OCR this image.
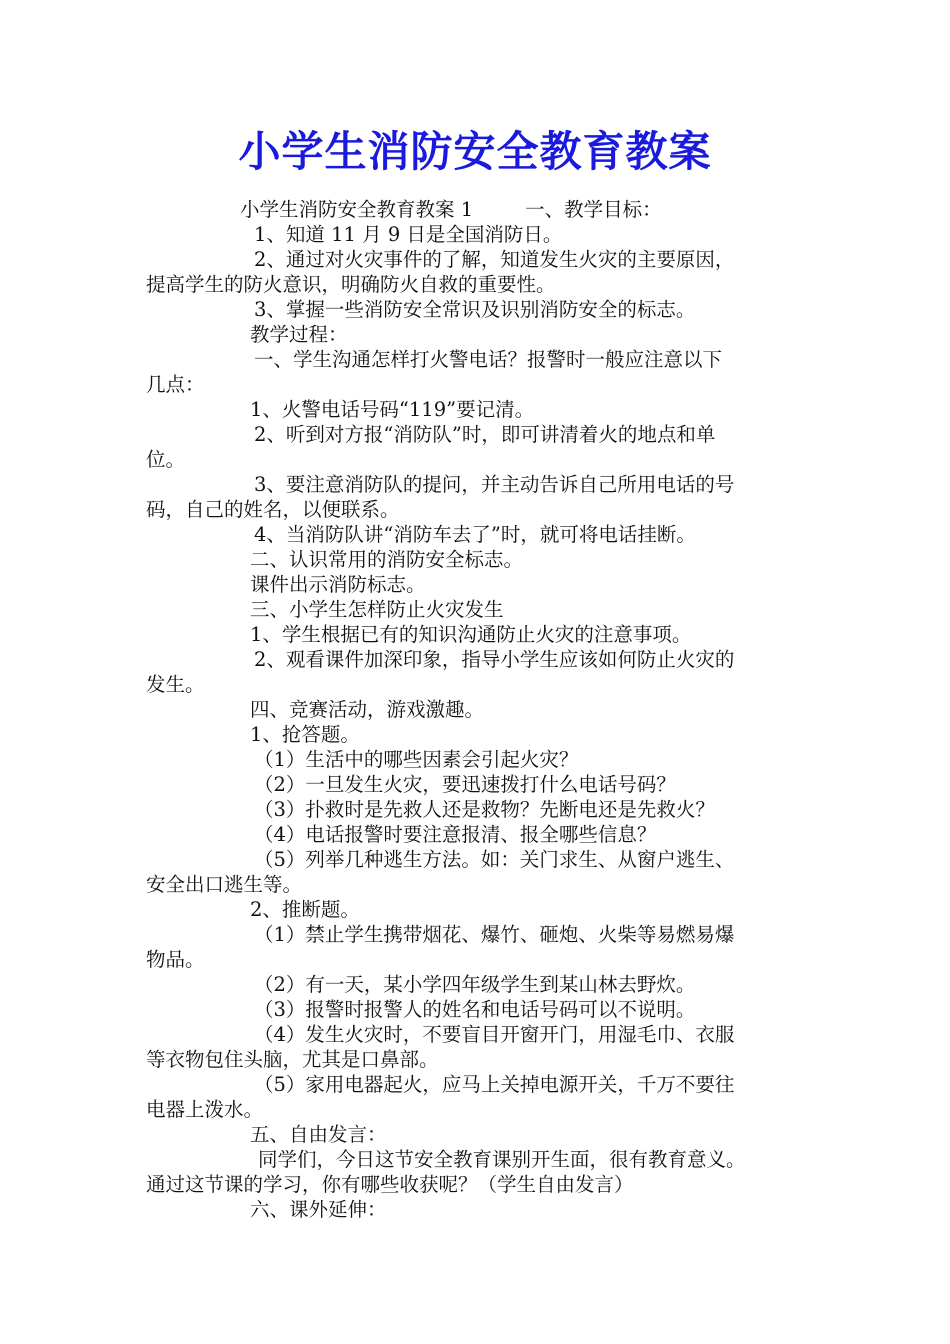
小学生消防安全教育教案
小学生消防安全教育教案 1	一、教学目标：
1、知道 11 月 9 日是全国消防日。
2、通过对火灾事件的了解，知道发生火灾的主要原因，
提高学生的防火意识，明确防火自救的重要性。
3、掌握一些消防安全常识及识别消防安全的标志。
教学过程：
一、学生沟通怎样打火警电话？报警时一般应注意以下
几点：
1、火警电话号码“119”要记清。
2、听到对方报“消防队”时，即可讲清着火的地点和单
位。
3、要注意消防队的提问，并主动告诉自己所用电话的号
码，自己的姓名，以便联系。
4、当消防队讲“消防车去了”时，就可将电话挂断。
二、认识常用的消防安全标志。
课件出示消防标志。
三、小学生怎样防止火灾发生
1、学生根据已有的知识沟通防止火灾的注意事项。
2、观看课件加深印象，指导小学生应该如何防止火灾的
发生。
四、竞赛活动，游戏激趣。
1、抢答题。
（1）生活中的哪些因素会引起火灾？
（2）一旦发生火灾，要迅速拨打什么电话号码？
（3）扑救时是先救人还是救物？先断电还是先救火？
（4）电话报警时要注意报清、报全哪些信息？
（5）列举几种逃生方法。如：关门求生、从窗户逃生、
安全出口逃生等。
2、推断题。
（1）禁止学生携带烟花、爆竹、砸炮、火柴等易燃易爆
物品。
（2）有一天，某小学四年级学生到某山林去野炊。
（3）报警时报警人的姓名和电话号码可以不说明。
（4）发生火灾时，不要盲目开窗开门，用湿毛巾、衣服
等衣物包住头脑，尤其是口鼻部。
（5）家用电器起火，应马上关掉电源开关，千万不要往
电器上泼水。
五、自由发言：
同学们，今日这节安全教育课别开生面，很有教育意义。
通过这节课的学习，你有哪些收获呢？（学生自由发言）
六、课外延伸：
